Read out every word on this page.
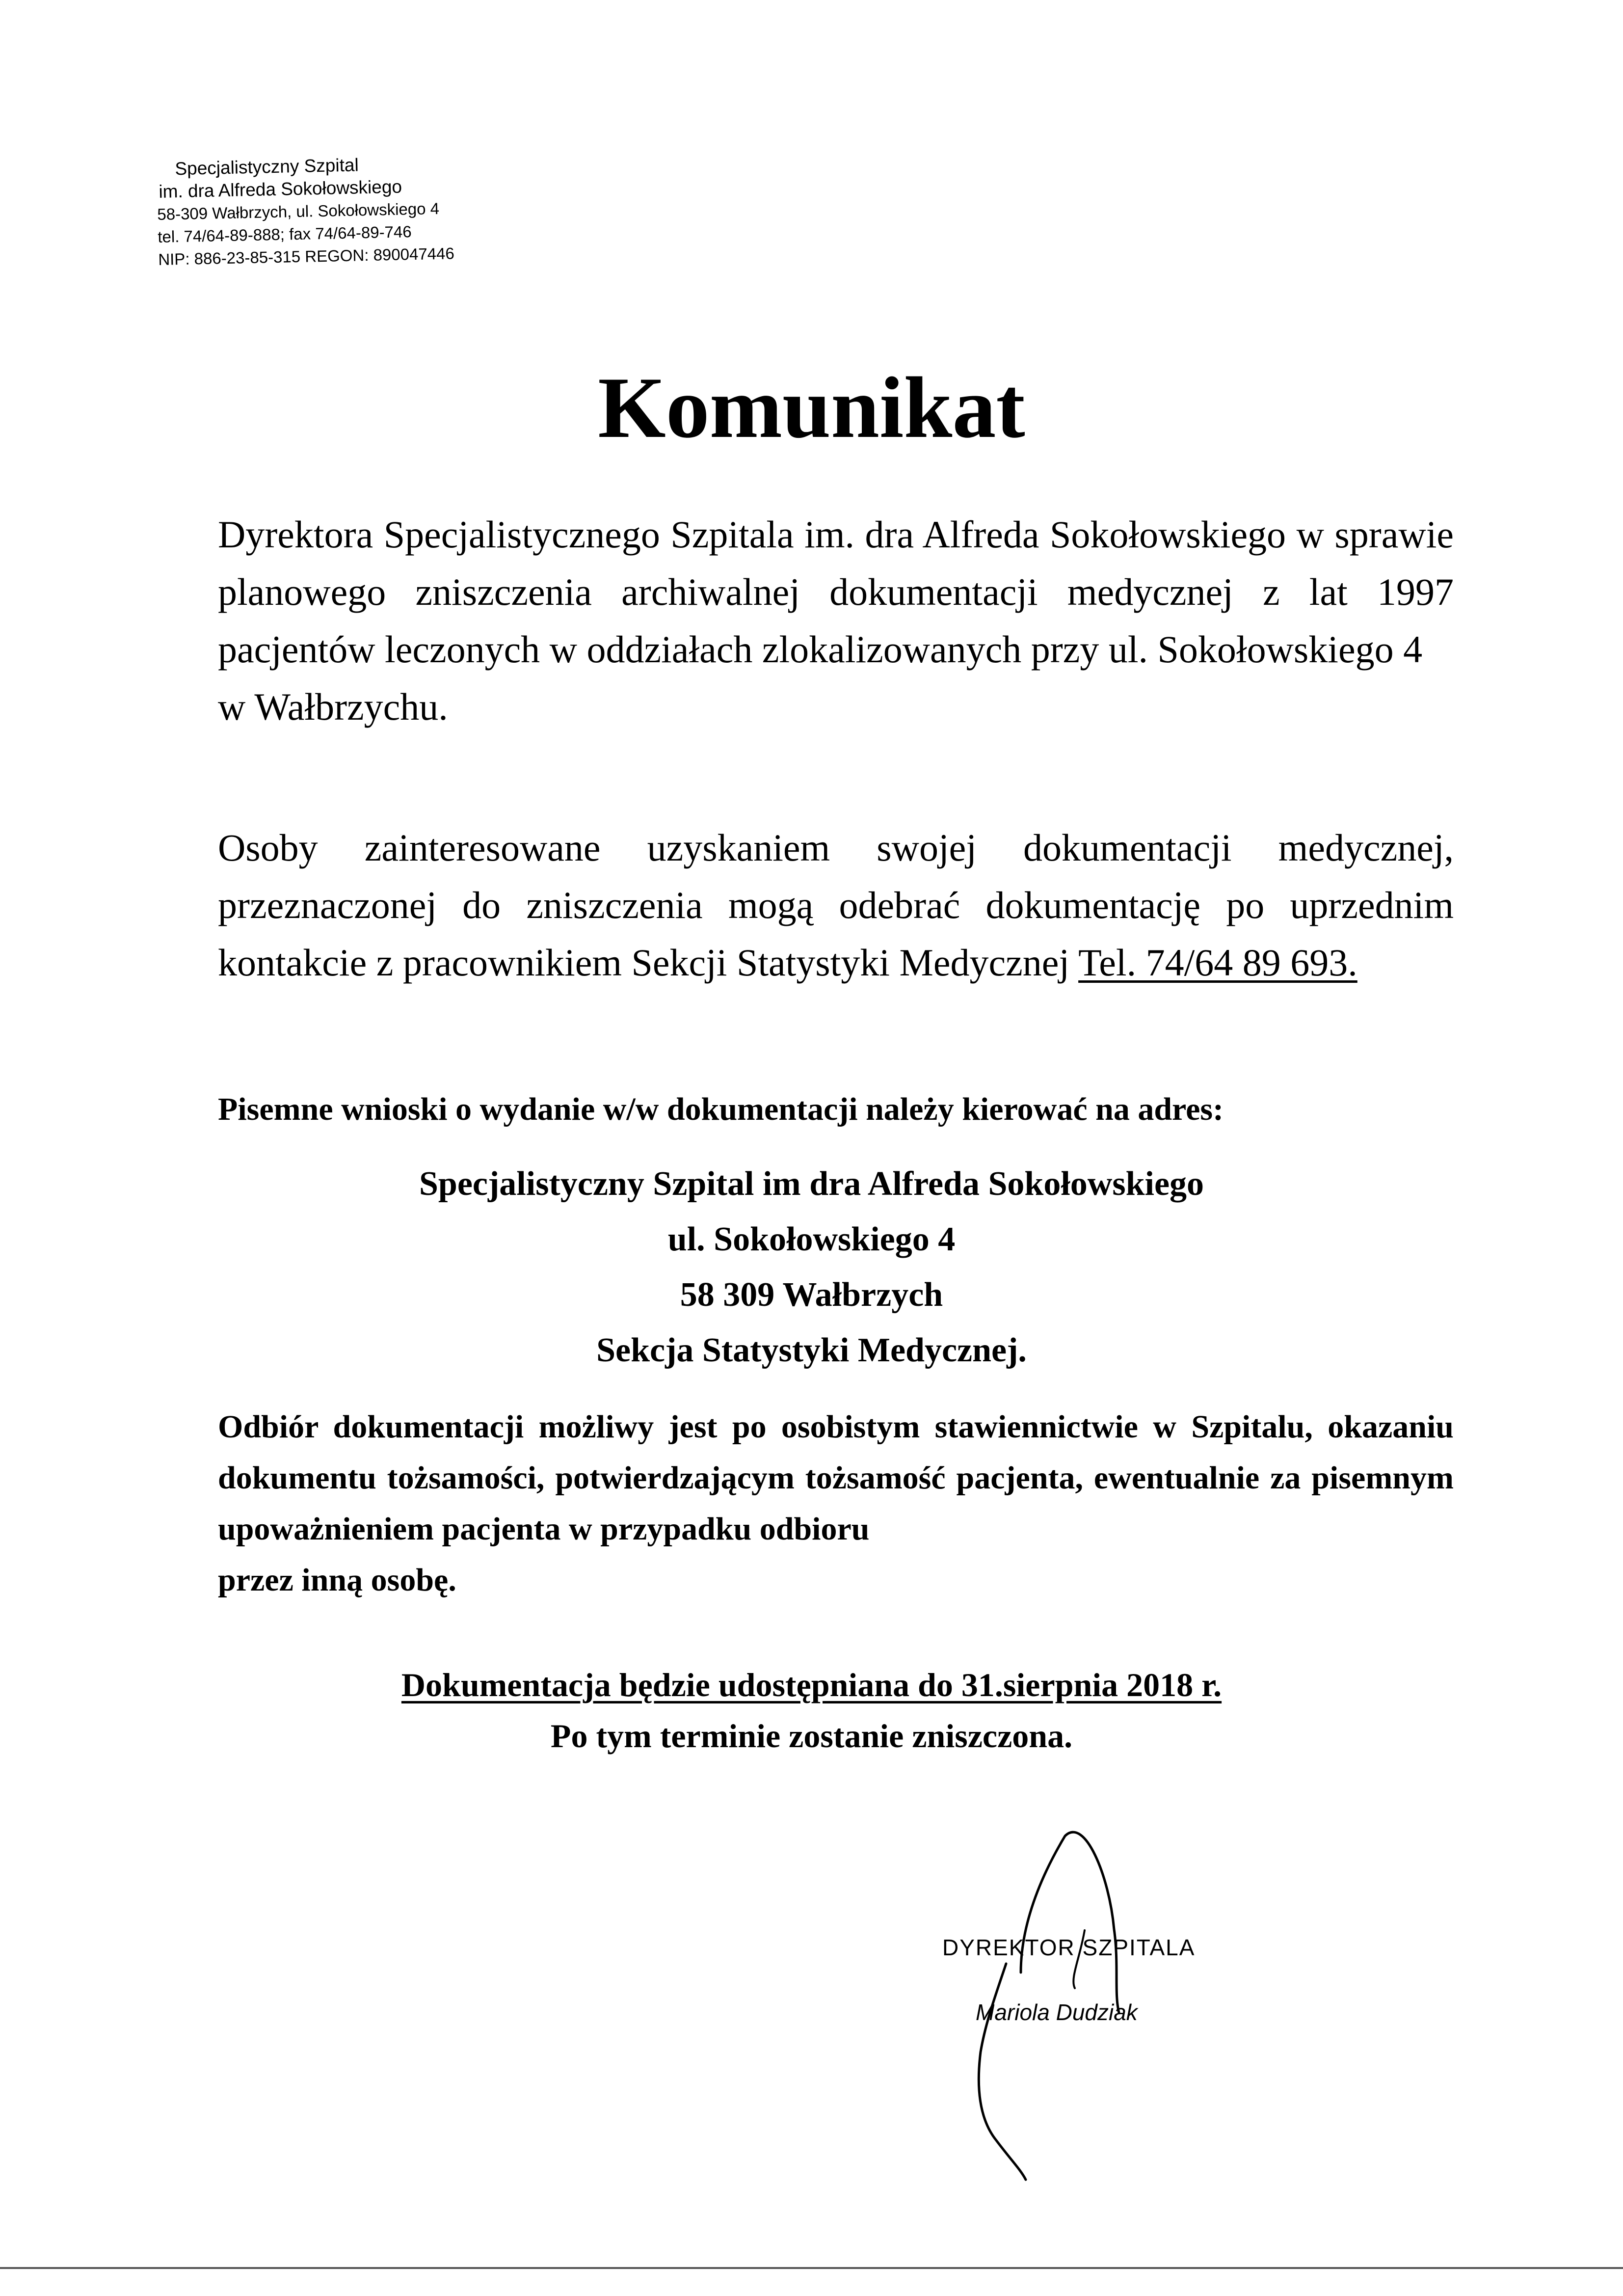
Specjalistyczny Szpital
im. dra Alfreda Sokołowskiego
58-309 Wałbrzych, ul. Sokołowskiego 4
tel. 74/64-89-888; fax 74/64-89-746
NIP: 886-23-85-315 REGON: 890047446
Komunikat
Dyrektora Specjalistycznego Szpitala im. dra Alfreda Sokołowskiego w sprawie planowego zniszczenia archiwalnej dokumentacji medycznej z lat 1997 pacjentów leczonych w oddziałach zlokalizowanych przy ul. Sokołowskiego 4
w Wałbrzychu.
Osoby zainteresowane uzyskaniem swojej dokumentacji medycznej, przeznaczonej do zniszczenia mogą odebrać dokumentację po uprzednim kontakcie z pracownikiem Sekcji Statystyki Medycznej Tel. 74/64 89 693.
Pisemne wnioski o wydanie w/w dokumentacji należy kierować na adres:
Specjalistyczny Szpital im dra Alfreda Sokołowskiego
ul. Sokołowskiego 4
58 309 Wałbrzych
Sekcja Statystyki Medycznej.
Odbiór dokumentacji możliwy jest po osobistym stawiennictwie w Szpitalu, okazaniu dokumentu tożsamości, potwierdzającym tożsamość pacjenta, ewentualnie za pisemnym upoważnieniem pacjenta w przypadku odbioru
przez inną osobę.
Dokumentacja będzie udostępniana do 31.sierpnia 2018 r.
Po tym terminie zostanie zniszczona.
DYREKTOR SZPITALA
Mariola Dudziak
